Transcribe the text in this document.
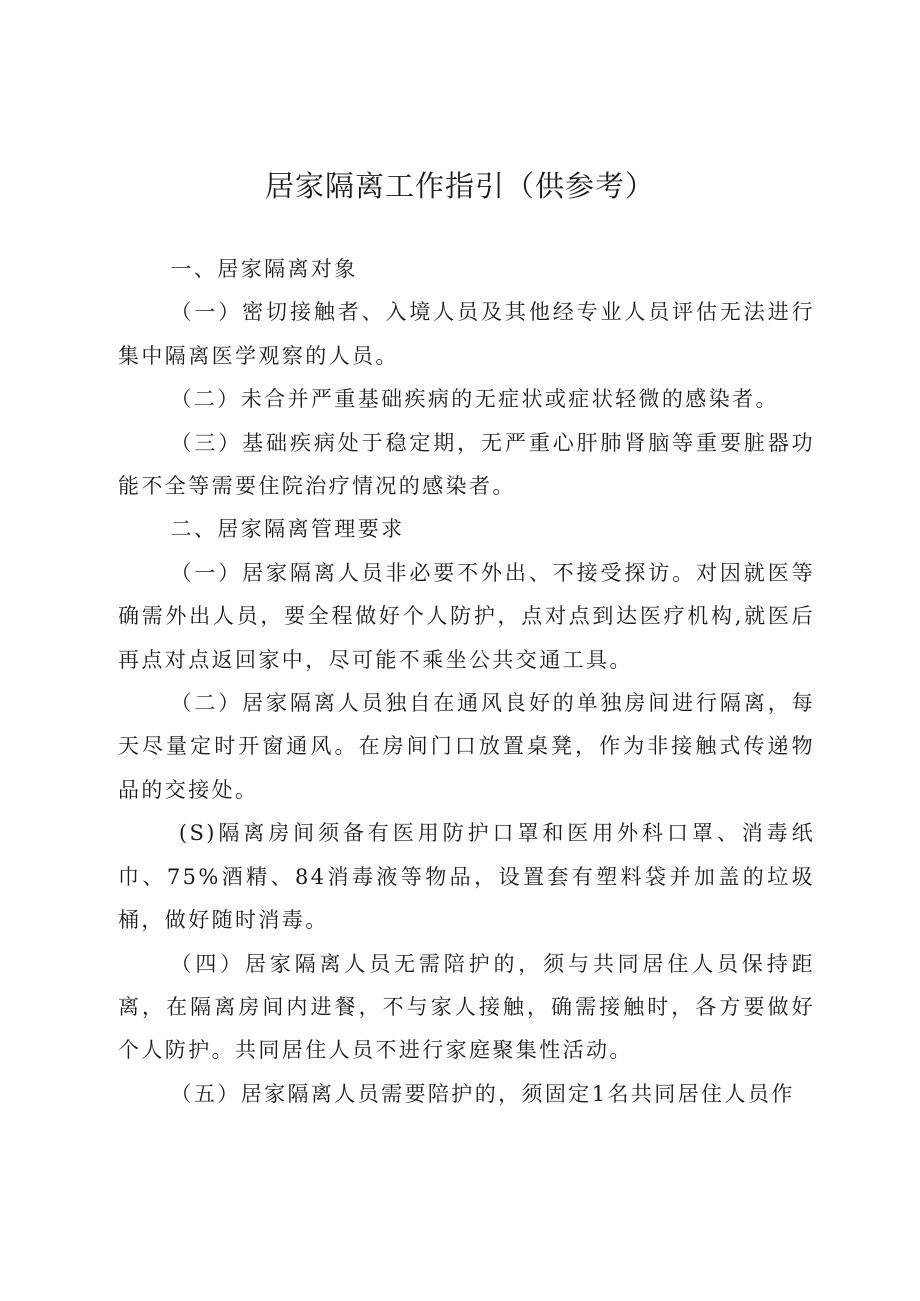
居家隔离工作指引（供参考）

一、居家隔离对象

（一）密切接触者、入境人员及其他经专业人员评估无法进行集中隔离医学观察的人员。

（二）未合并严重基础疾病的无症状或症状轻微的感染者。

（三）基础疾病处于稳定期，无严重心肝肺肾脑等重要脏器功能不全等需要住院治疗情况的感染者。

二、居家隔离管理要求

（一）居家隔离人员非必要不外出、不接受探访。对因就医等确需外出人员，要全程做好个人防护，点对点到达医疗机构,就医后再点对点返回家中，尽可能不乘坐公共交通工具。

（二）居家隔离人员独自在通风良好的单独房间进行隔离，每天尽量定时开窗通风。在房间门口放置桌凳，作为非接触式传递物品的交接处。

(S)隔离房间须备有医用防护口罩和医用外科口罩、消毒纸巾、75%酒精、84消毒液等物品，设置套有塑料袋并加盖的垃圾桶，做好随时消毒。

（四）居家隔离人员无需陪护的，须与共同居住人员保持距离，在隔离房间内进餐，不与家人接触，确需接触时，各方要做好个人防护。共同居住人员不进行家庭聚集性活动。

（五）居家隔离人员需要陪护的，须固定1名共同居住人员作
